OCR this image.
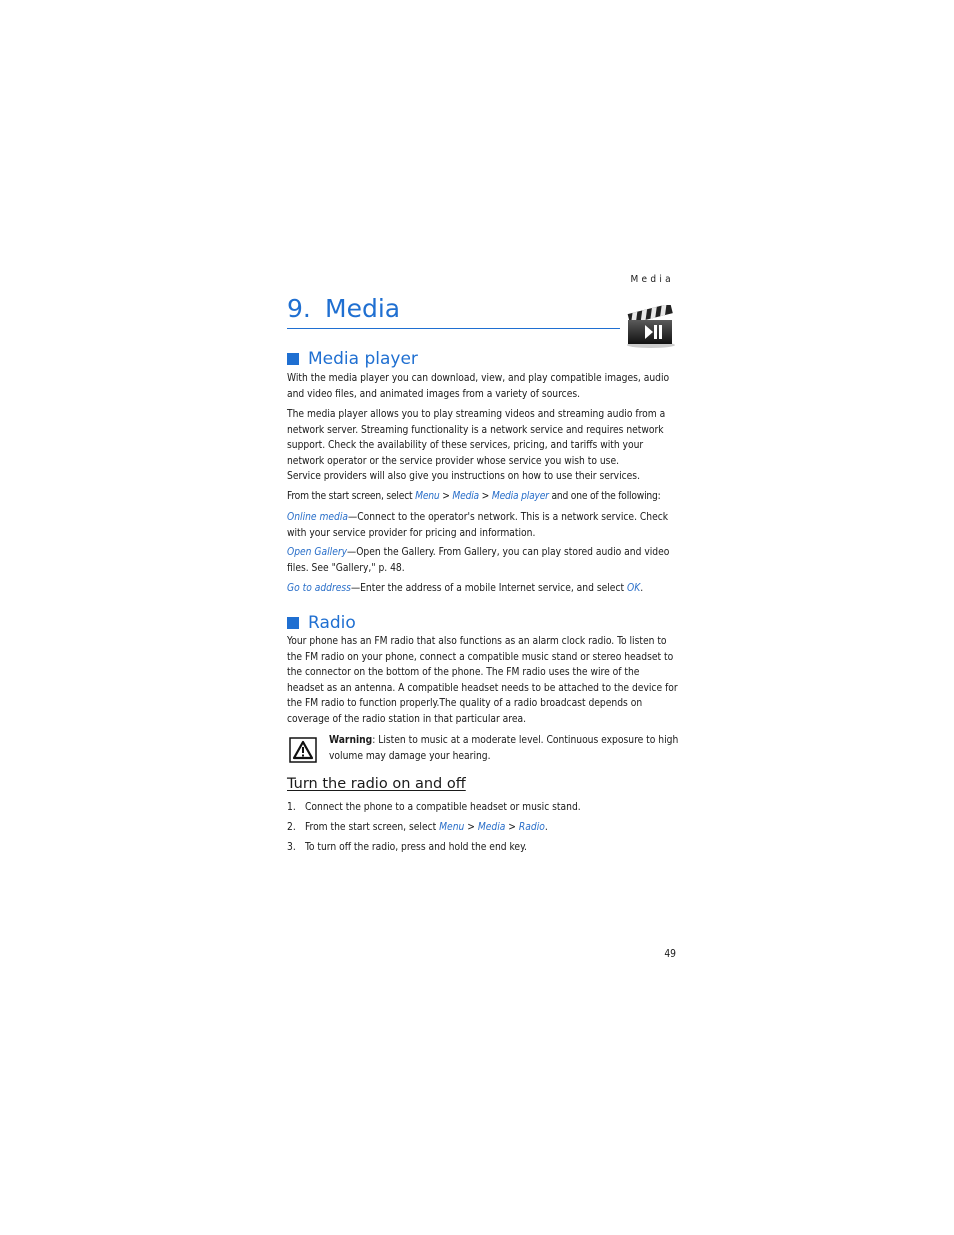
Media
9. Media
Media player

With the media player you can download, view, and play compatible images, audio and video files, and animated images from a variety of sources.

The media player allows you to play streaming videos and streaming audio from a network server. Streaming functionality is a network service and requires network support. Check the availability of these services, pricing, and tariffs with your network operator or the service provider whose service you wish to use.

Service providers will also give you instructions on how to use their services.

From the start screen, select Menu > Media > Media player and one of the following:

Online media—Connect to the operator's network. This is a network service. Check with your service provider for pricing and information.

Open Gallery—Open the Gallery. From Gallery, you can play stored audio and video files. See "Gallery," p. 48.

Go to address—Enter the address of a mobile Internet service, and select OK.

Radio

Your phone has an FM radio that also functions as an alarm clock radio. To listen to the FM radio on your phone, connect a compatible music stand or stereo headset to the connector on the bottom of the phone. The FM radio uses the wire of the headset as an antenna. A compatible headset needs to be attached to the device for the FM radio to function properly.The quality of a radio broadcast depends on coverage of the radio station in that particular area.

Warning: Listen to music at a moderate level. Continuous exposure to high volume may damage your hearing.

Turn the radio on and off
1. Connect the phone to a compatible headset or music stand.
2. From the start screen, select Menu > Media > Radio.
3. To turn off the radio, press and hold the end key.
49
